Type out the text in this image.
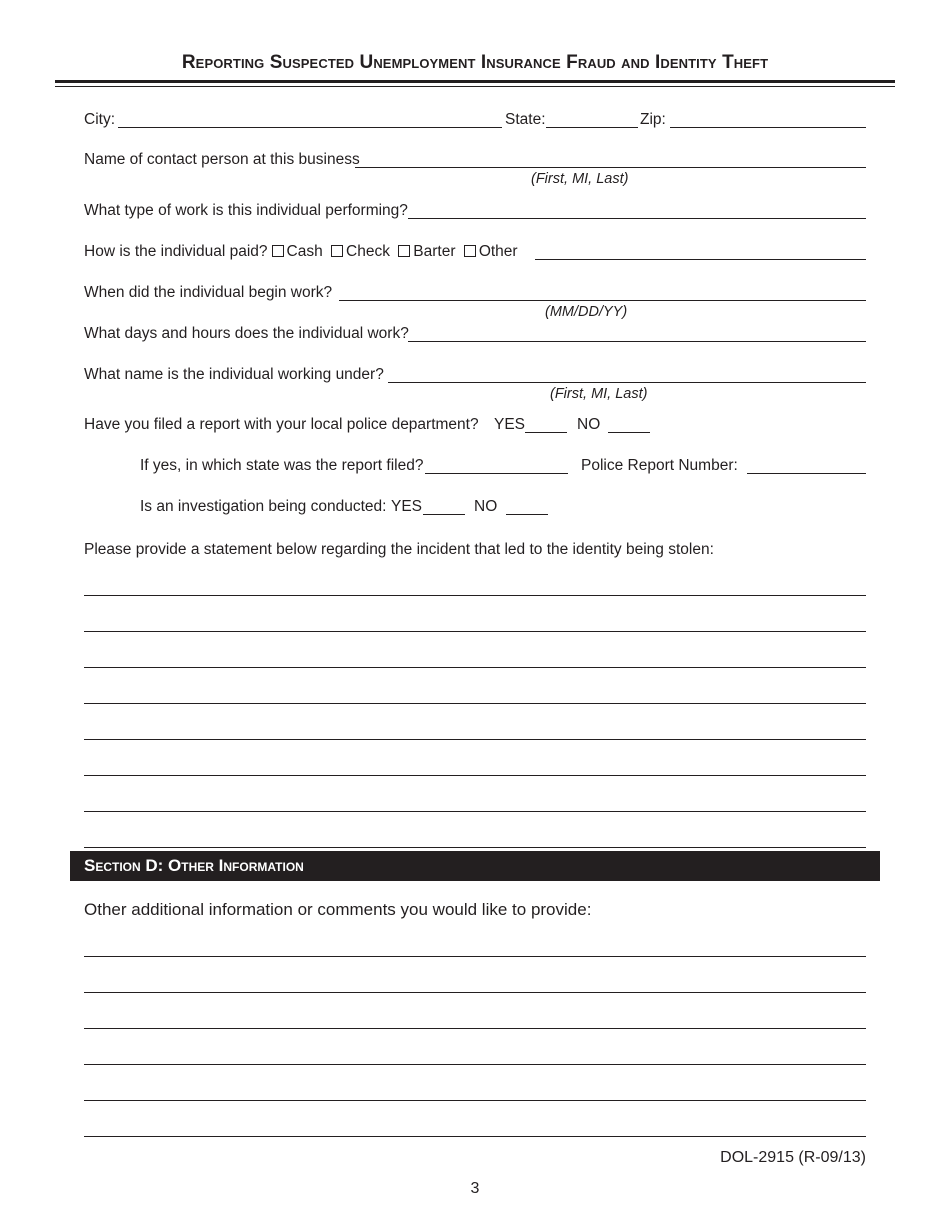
Reporting Suspected Unemployment Insurance Fraud and Identity Theft
City:	State:	Zip:
Name of contact person at this business
(First, MI, Last)
What type of work is this individual performing?
How is the individual paid? Cash Check Barter Other
When did the individual begin work?
(MM/DD/YY)
What days and hours does the individual work?
What name is the individual working under?
(First, MI, Last)
Have you filed a report with your local police department? YES	NO
If yes, in which state was the report filed?	Police Report Number:
Is an investigation being conducted: YES	NO
Please provide a statement below regarding the incident that led to the identity being stolen:
Section D: Other Information
Other additional information or comments you would like to provide:
DOL-2915 (R-09/13)
3
